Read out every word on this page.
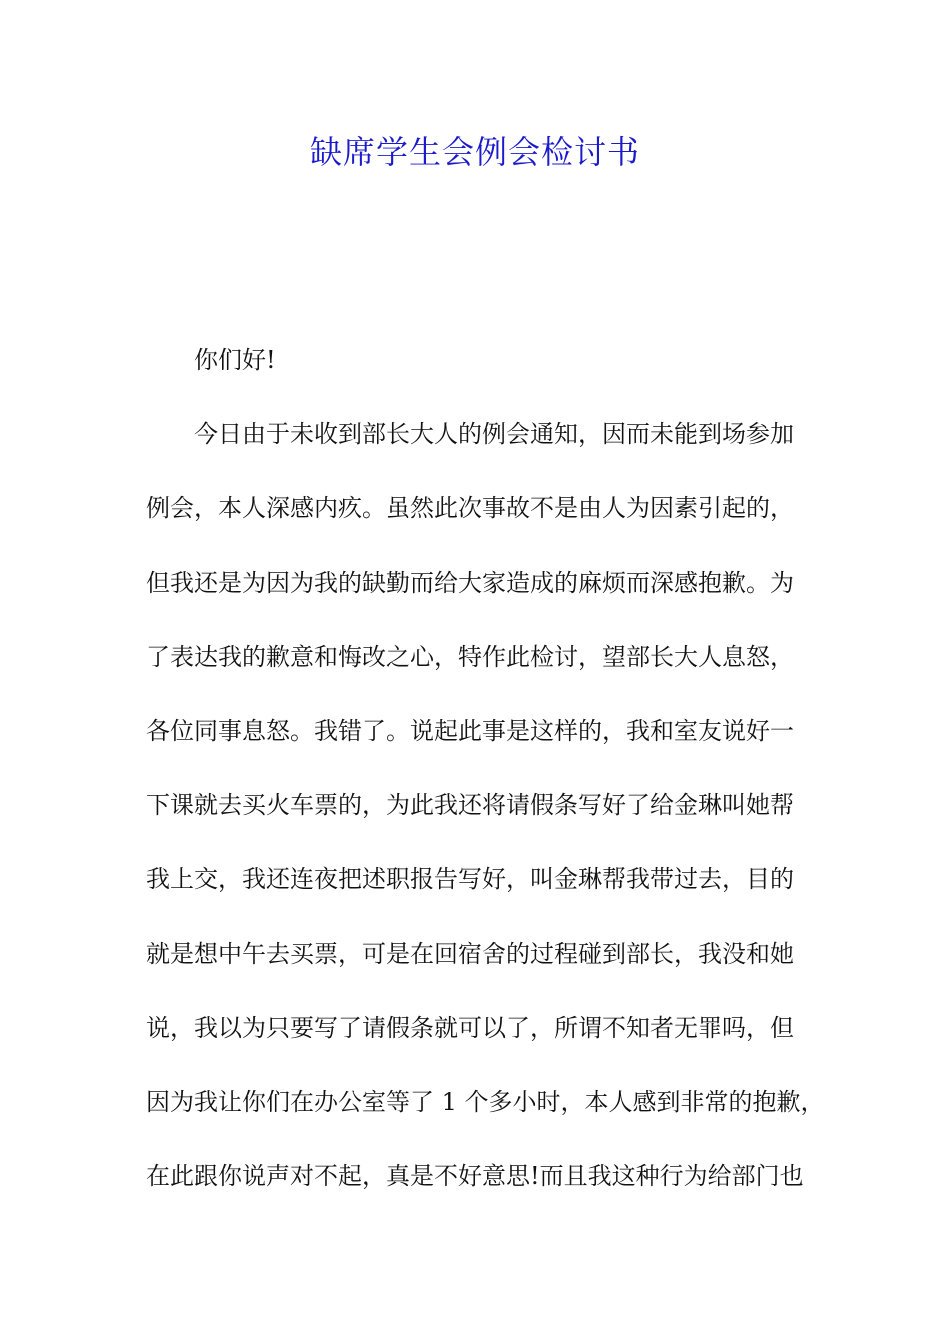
缺席学生会例会检讨书
你们好!
今日由于未收到部长大人的例会通知，因而未能到场参加
例会，本人深感内疚。虽然此次事故不是由人为因素引起的，
但我还是为因为我的缺勤而给大家造成的麻烦而深感抱歉。为
了表达我的歉意和悔改之心，特作此检讨，望部长大人息怒，
各位同事息怒。我错了。说起此事是这样的，我和室友说好一
下课就去买火车票的，为此我还将请假条写好了给金琳叫她帮
我上交，我还连夜把述职报告写好，叫金琳帮我带过去，目的
就是想中午去买票，可是在回宿舍的过程碰到部长，我没和她
说，我以为只要写了请假条就可以了，所谓不知者无罪吗，但
因为我让你们在办公室等了 1 个多小时，本人感到非常的抱歉，
在此跟你说声对不起，真是不好意思!而且我这种行为给部门也
